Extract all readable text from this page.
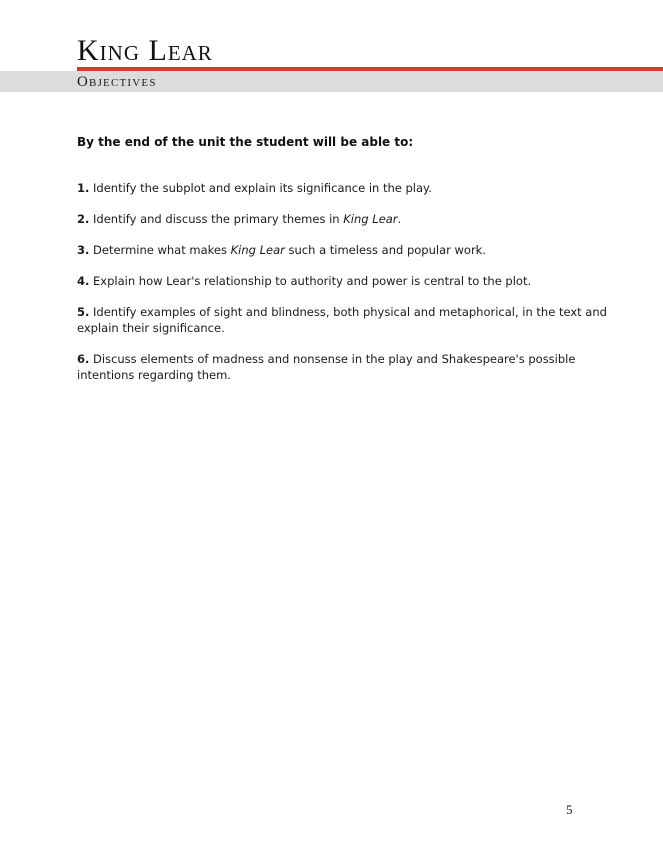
King Lear
Objectives

By the end of the unit the student will be able to:

1. Identify the subplot and explain its significance in the play.
2. Identify and discuss the primary themes in King Lear.
3. Determine what makes King Lear such a timeless and popular work.
4. Explain how Lear's relationship to authority and power is central to the plot.
5. Identify examples of sight and blindness, both physical and metaphorical, in the text and explain their significance.
6. Discuss elements of madness and nonsense in the play and Shakespeare's possible intentions regarding them.
5
